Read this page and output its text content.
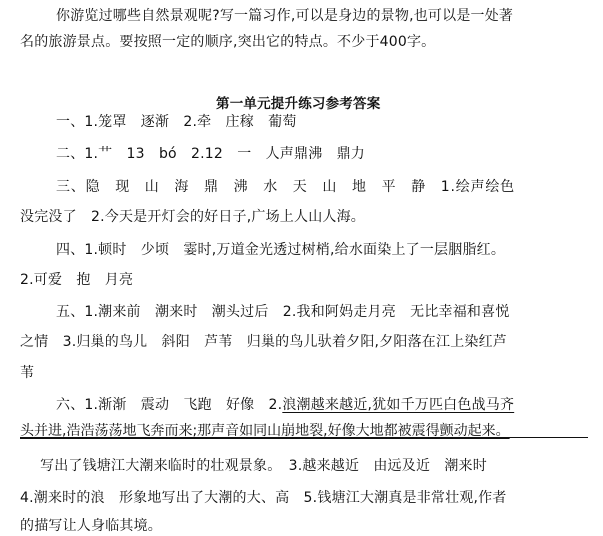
你游览过哪些自然景观呢?写一篇习作,可以是身边的景物,也可以是一处著
名的旅游景点。要按照一定的顺序,突出它的特点。不少于400字。
第一单元提升练习参考答案
一、1.笼罩　逐渐　2.牵　庄稼　葡萄
二、1.艹　13　bó　2.12　一　人声鼎沸　鼎力
三、隐　现　山　海　鼎　沸　水　天　山　地　平　静　1.绘声绘色
没完没了　2.今天是开灯会的好日子,广场上人山人海。
四、1.顿时　少顷　霎时,万道金光透过树梢,给水面染上了一层胭脂红。
2.可爱　抱　月亮
五、1.潮来前　潮来时　潮头过后　2.我和阿妈走月亮　无比幸福和喜悦
之情　3.归巢的鸟儿　斜阳　芦苇　归巢的鸟儿驮着夕阳,夕阳落在江上染红芦
苇
六、1.渐渐　震动　飞跑　好像　2.浪潮越来越近,犹如千万匹白色战马齐
头并进,浩浩荡荡地飞奔而来;那声音如同山崩地裂,好像大地都被震得颤动起来。
写出了钱塘江大潮来临时的壮观景象。　3.越来越近　由远及近　潮来时
4.潮来时的浪　形象地写出了大潮的大、高　5.钱塘江大潮真是非常壮观,作者
的描写让人身临其境。
